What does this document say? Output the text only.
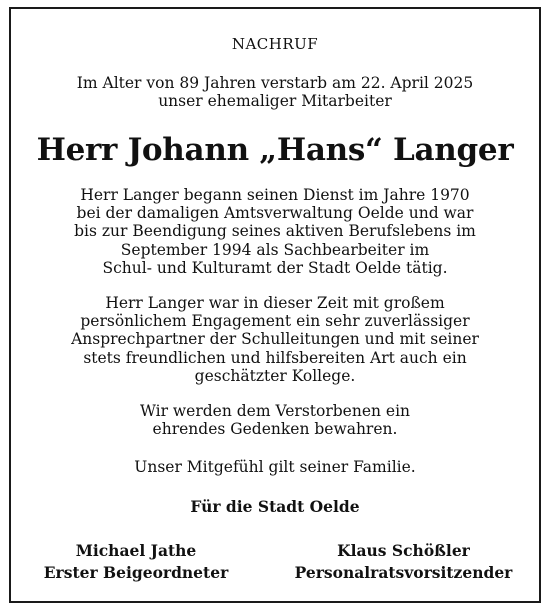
NACHRUF
Im Alter von 89 Jahren verstarb am 22. April 2025
unser ehemaliger Mitarbeiter
Herr Johann „Hans“ Langer
Herr Langer begann seinen Dienst im Jahre 1970
bei der damaligen Amtsverwaltung Oelde und war
bis zur Beendigung seines aktiven Berufslebens im
September 1994 als Sachbearbeiter im
Schul- und Kulturamt der Stadt Oelde tätig.
Herr Langer war in dieser Zeit mit großem
persönlichem Engagement ein sehr zuverlässiger
Ansprechpartner der Schulleitungen und mit seiner
stets freundlichen und hilfsbereiten Art auch ein
geschätzter Kollege.
Wir werden dem Verstorbenen ein
ehrendes Gedenken bewahren.
Unser Mitgefühl gilt seiner Familie.
Für die Stadt Oelde
Michael Jathe
Erster Beigeordneter
Klaus Schößler
Personalratsvorsitzender
